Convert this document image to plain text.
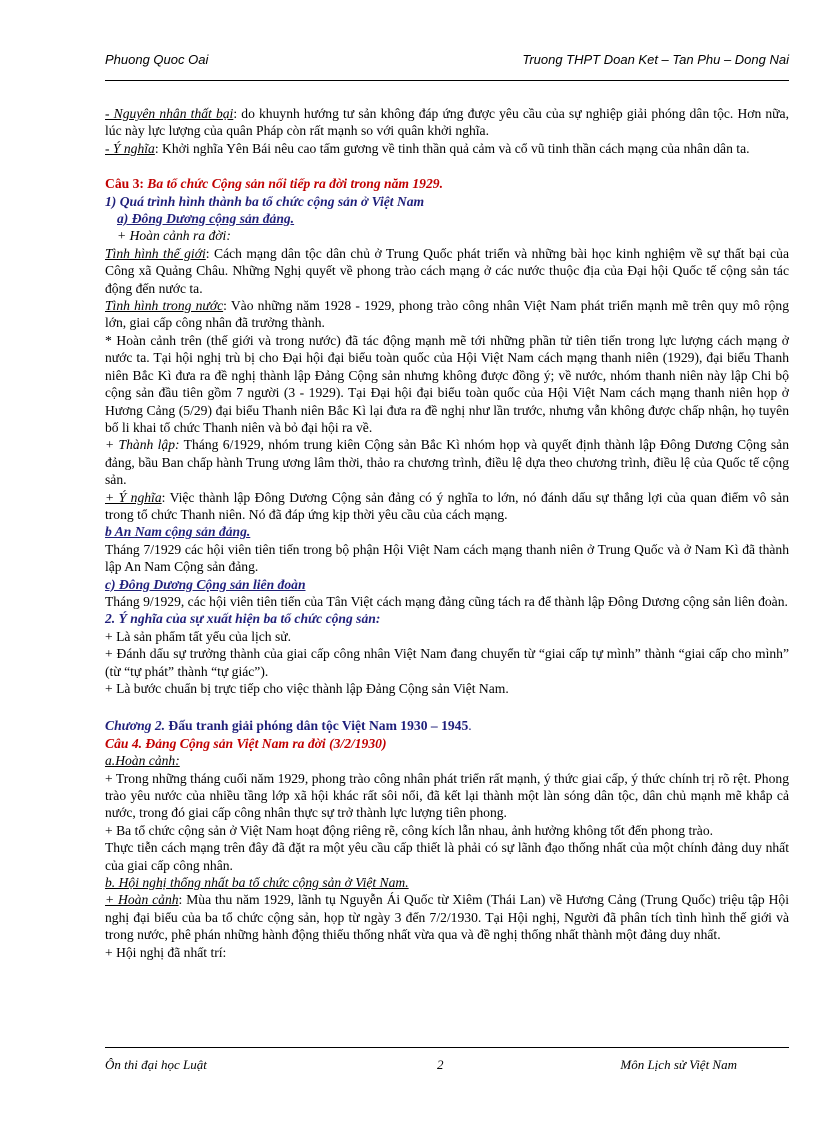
Phuong Quoc Oai	Truong THPT Doan Ket – Tan Phu – Dong Nai

- Nguyên nhân thất bại: do khuynh hướng tư sản không đáp ứng được yêu cầu của sự nghiệp giải phóng dân tộc. Hơn nữa, lúc này lực lượng của quân Pháp còn rất mạnh so với quân khởi nghĩa.

- Ý nghĩa: Khởi nghĩa Yên Bái nêu cao tấm gương về tinh thần quả cảm và cổ vũ tinh thần cách mạng của nhân dân ta.

Câu 3: Ba tổ chức Cộng sản nối tiếp ra đời trong năm 1929.

1) Quá trình hình thành ba tổ chức cộng sản ở Việt Nam

a) Đông Dương cộng sản đảng.

+ Hoàn cảnh ra đời:

Tình hình thế giới: Cách mạng dân tộc dân chủ ở Trung Quốc phát triển và những bài học kinh nghiệm về sự thất bại của Công xã Quảng Châu. Những Nghị quyết về phong trào cách mạng ở các nước thuộc địa của Đại hội Quốc tế cộng sản tác động đến nước ta.

Tình hình trong nước: Vào những năm 1928 - 1929, phong trào công nhân Việt Nam phát triển mạnh mẽ trên quy mô rộng lớn, giai cấp công nhân đã trưởng thành.

* Hoàn cảnh trên (thế giới và trong nước) đã tác động mạnh mẽ tới những phần tử tiên tiến trong lực lượng cách mạng ở nước ta. Tại hội nghị trù bị cho Đại hội đại biểu toàn quốc của Hội Việt Nam cách mạng thanh niên (1929), đại biểu Thanh niên Bắc Kì đưa ra đề nghị thành lập Đảng Cộng sản nhưng không được đồng ý; về nước, nhóm thanh niên này lập Chi bộ cộng sản đầu tiên gồm 7 người (3 - 1929). Tại Đại hội đại biểu toàn quốc của Hội Việt Nam cách mạng thanh niên họp ở Hương Cảng (5/29) đại biểu Thanh niên Bắc Kì lại đưa ra đề nghị như lần trước, nhưng vẫn không được chấp nhận, họ tuyên bố li khai tổ chức Thanh niên và bỏ đại hội ra về.

+ Thành lập: Tháng 6/1929, nhóm trung kiên Cộng sản Bắc Kì nhóm họp và quyết định thành lập Đông Dương Cộng sản đảng, bầu Ban chấp hành Trung ương lâm thời, thảo ra chương trình, điều lệ dựa theo chương trình, điều lệ của Quốc tế cộng sản.

+ Ý nghĩa: Việc thành lập Đông Dương Cộng sản đảng có ý nghĩa to lớn, nó đánh dấu sự thắng lợi của quan điểm vô sản trong tổ chức Thanh niên. Nó đã đáp ứng kịp thời yêu cầu của cách mạng.

b An Nam cộng sản đảng.

Tháng 7/1929 các hội viên tiên tiến trong bộ phận Hội Việt Nam cách mạng thanh niên ở Trung Quốc và ở Nam Kì đã thành lập An Nam Cộng sản đảng.

c) Đông Dương Cộng sản liên đoàn

Tháng 9/1929, các hội viên tiên tiến của Tân Việt cách mạng đảng cũng tách ra để thành lập Đông Dương cộng sản liên đoàn.

2. Ý nghĩa của sự xuất hiện ba tổ chức cộng sản:

+ Là sản phẩm tất yếu của lịch sử.

+ Đánh dấu sự trưởng thành của giai cấp công nhân Việt Nam đang chuyển từ “giai cấp tự mình” thành “giai cấp cho mình” (từ “tự phát” thành “tự giác”).

+ Là bước chuẩn bị trực tiếp cho việc thành lập Đảng Cộng sản Việt Nam.

Chương 2. Đấu tranh giải phóng dân tộc Việt Nam 1930 – 1945.

Câu 4. Đảng Cộng sản Việt Nam ra đời (3/2/1930)

a.Hoàn cảnh:

+ Trong những tháng cuối năm 1929, phong trào công nhân phát triển rất mạnh, ý thức giai cấp, ý thức chính trị rõ rệt. Phong trào yêu nước của nhiều tầng lớp xã hội khác rất sôi nổi, đã kết lại thành một làn sóng dân tộc, dân chủ mạnh mẽ khắp cả nước, trong đó giai cấp công nhân thực sự trở thành lực lượng tiên phong.

+ Ba tổ chức cộng sản ở Việt Nam hoạt động riêng rẽ, công kích lẫn nhau, ảnh hưởng không tốt đến phong trào.

Thực tiễn cách mạng trên đây đã đặt ra một yêu cầu cấp thiết là phải có sự lãnh đạo thống nhất của một chính đảng duy nhất của giai cấp công nhân.

b. Hội nghị thống nhất ba tổ chức cộng sản ở Việt Nam.

+ Hoàn cảnh: Mùa thu năm 1929, lãnh tụ Nguyễn Ái Quốc từ Xiêm (Thái Lan) về Hương Cảng (Trung Quốc) triệu tập Hội nghị đại biểu của ba tổ chức cộng sản, họp từ ngày 3 đến 7/2/1930. Tại Hội nghị, Người đã phân tích tình hình thế giới và trong nước, phê phán những hành động thiếu thống nhất vừa qua và đề nghị thống nhất thành một đảng duy nhất.

+ Hội nghị đã nhất trí:

Ôn thi đại học Luật	2	Môn Lịch sử Việt Nam
